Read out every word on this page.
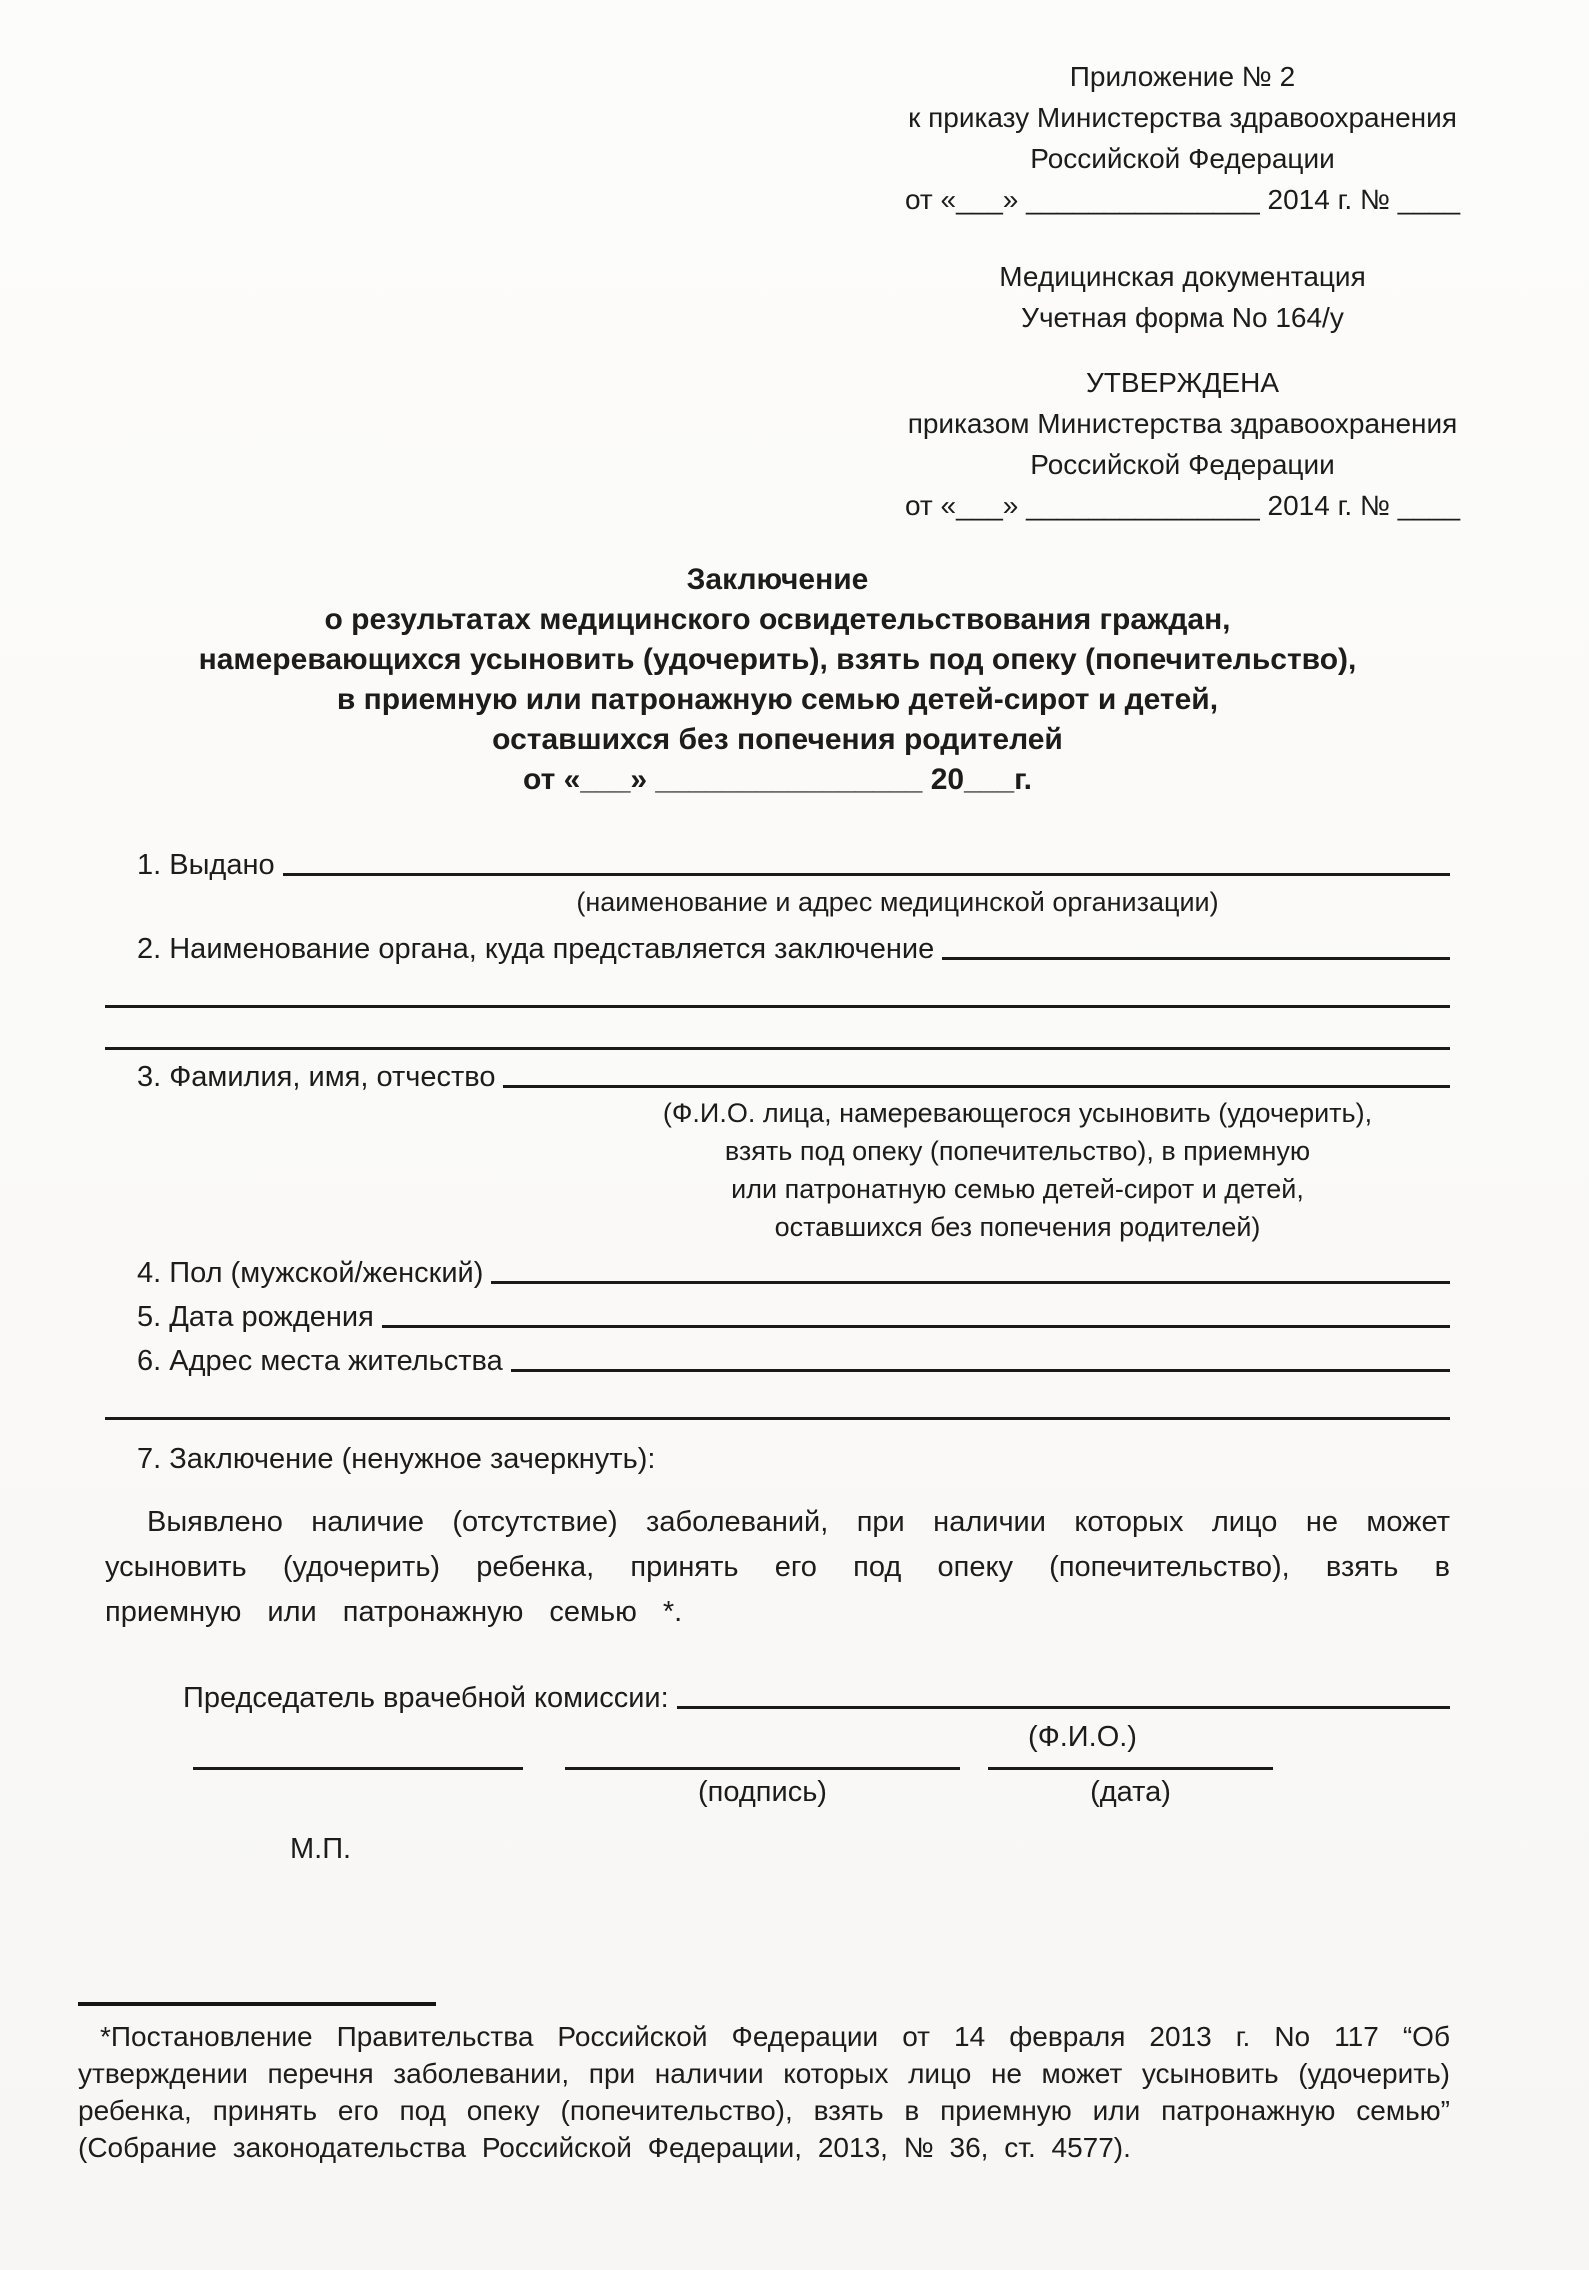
Приложение № 2
к приказу Министерства здравоохранения
Российской Федерации
от «___» _______________ 2014 г. № ____
Медицинская документация
Учетная форма No 164/у
УТВЕРЖДЕНА
приказом Министерства здравоохранения
Российской Федерации
от «___» _______________ 2014 г. № ____
Заключение
о результатах медицинского освидетельствования граждан,
намеревающихся усыновить (удочерить), взять под опеку (попечительство),
в приемную или патронажную семью детей-сирот и детей,
оставшихся без попечения родителей
от «___» ________________ 20___г.
1. Выдано
(наименование и адрес медицинской организации)
2. Наименование органа, куда представляется заключение
3. Фамилия, имя, отчество
(Ф.И.О. лица, намеревающегося усыновить (удочерить),
взять под опеку (попечительство), в приемную
или патронатную семью детей-сирот и детей,
оставшихся без попечения родителей)
4. Пол (мужской/женский)
5. Дата рождения
6. Адрес места жительства
7. Заключение (ненужное зачеркнуть):

Выявлено наличие (отсутствие) заболеваний, при наличии которых лицо не может усыновить (удочерить) ребенка, принять его под опеку (попечительство), взять в приемную или патронажную семью *.

Председатель врачебной комиссии:
(Ф.И.О.)
(подпись)	(дата)
М.П.
*Постановление Правительства Российской Федерации от 14 февраля 2013 г. No 117 “Об утверждении перечня заболевании, при наличии которых лицо не может усыновить (удочерить) ребенка, принять его под опеку (попечительство), взять в приемную или патронажную семью” (Собрание законодательства Российской Федерации, 2013, № 36, ст. 4577).
